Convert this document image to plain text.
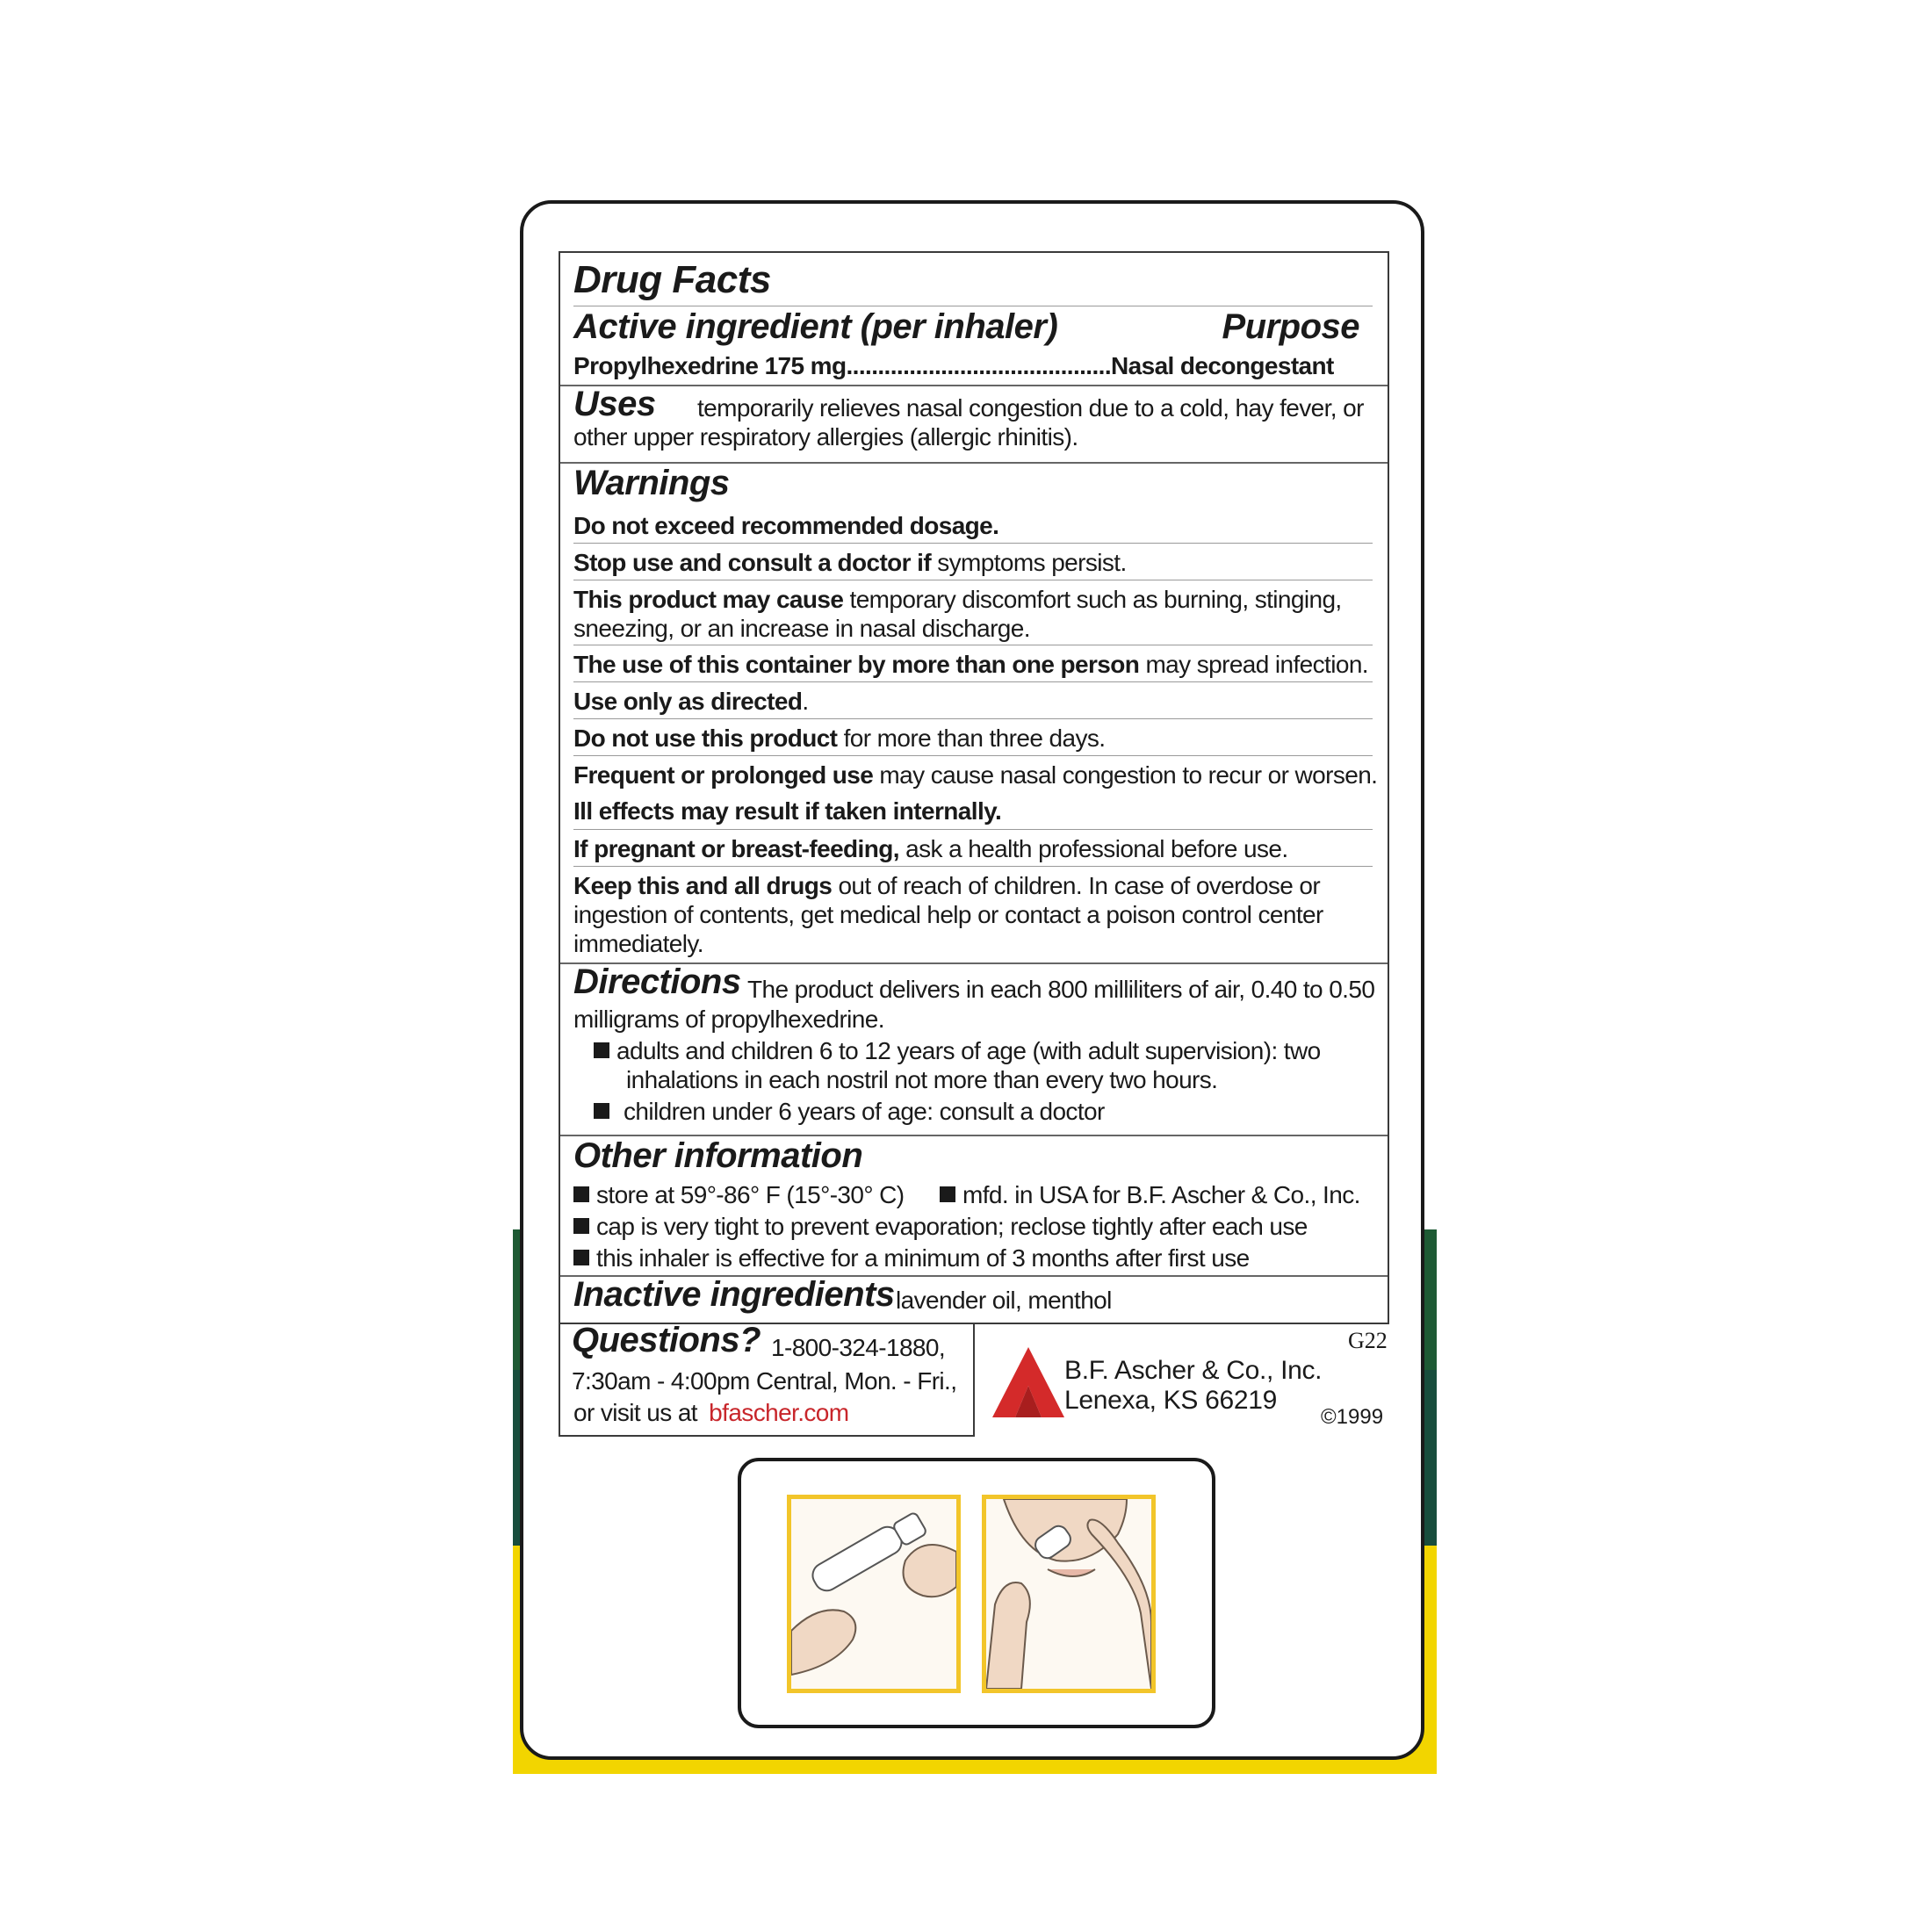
Drug Facts
Active ingredient (per inhaler)	Purpose
Propylhexedrine 175 mg..........................................Nasal decongestant
Uses temporarily relieves nasal congestion due to a cold, hay fever, or
other upper respiratory allergies (allergic rhinitis).
Warnings
Do not exceed recommended dosage.
Stop use and consult a doctor if symptoms persist.
This product may cause temporary discomfort such as burning, stinging,
sneezing, or an increase in nasal discharge.
The use of this container by more than one person may spread infection.
Use only as directed.
Do not use this product for more than three days.
Frequent or prolonged use may cause nasal congestion to recur or worsen.
Ill effects may result if taken internally.
If pregnant or breast-feeding, ask a health professional before use.
Keep this and all drugs out of reach of children. In case of overdose or
ingestion of contents, get medical help or contact a poison control center
immediately.
Directions The product delivers in each 800 milliliters of air, 0.40 to 0.50
milligrams of propylhexedrine.
adults and children 6 to 12 years of age (with adult supervision): two
inhalations in each nostril not more than every two hours.
children under 6 years of age: consult a doctor
Other information
store at 59°-86° F (15°-30° C)	mfd. in USA for B.F. Ascher & Co., Inc.
cap is very tight to prevent evaporation; reclose tightly after each use
this inhaler is effective for a minimum of 3 months after first use
Inactive ingredients lavender oil, menthol
Questions? 1-800-324-1880,
7:30am - 4:00pm Central, Mon. - Fri.,
or visit us at bfascher.com
G22
B.F. Ascher & Co., Inc.
Lenexa, KS 66219
©1999
